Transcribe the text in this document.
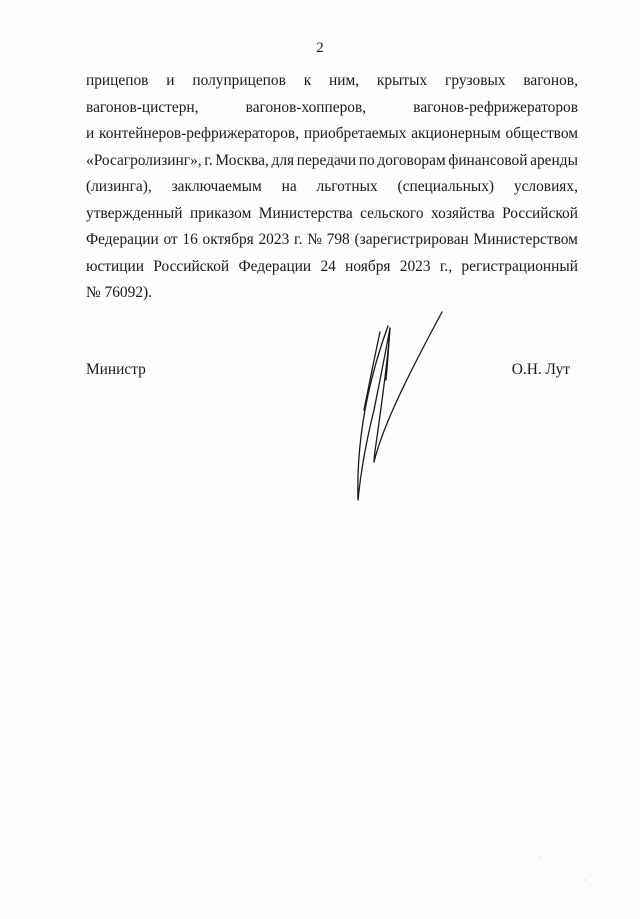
2
прицепов и полуприцепов к ним, крытых грузовых вагонов,
вагонов-цистерн,	вагонов-хопперов,	вагонов-рефрижераторов
и контейнеров-рефрижераторов, приобретаемых акционерным обществом
«Росагролизинг», г. Москва, для передачи по договорам финансовой аренды
(лизинга), заключаемым на льготных (специальных) условиях,
утвержденный приказом Министерства сельского хозяйства Российской
Федерации от 16 октября 2023 г. № 798 (зарегистрирован Министерством
юстиции Российской Федерации 24 ноября 2023 г., регистрационный
№ 76092).
Министр	О.Н. Лут
